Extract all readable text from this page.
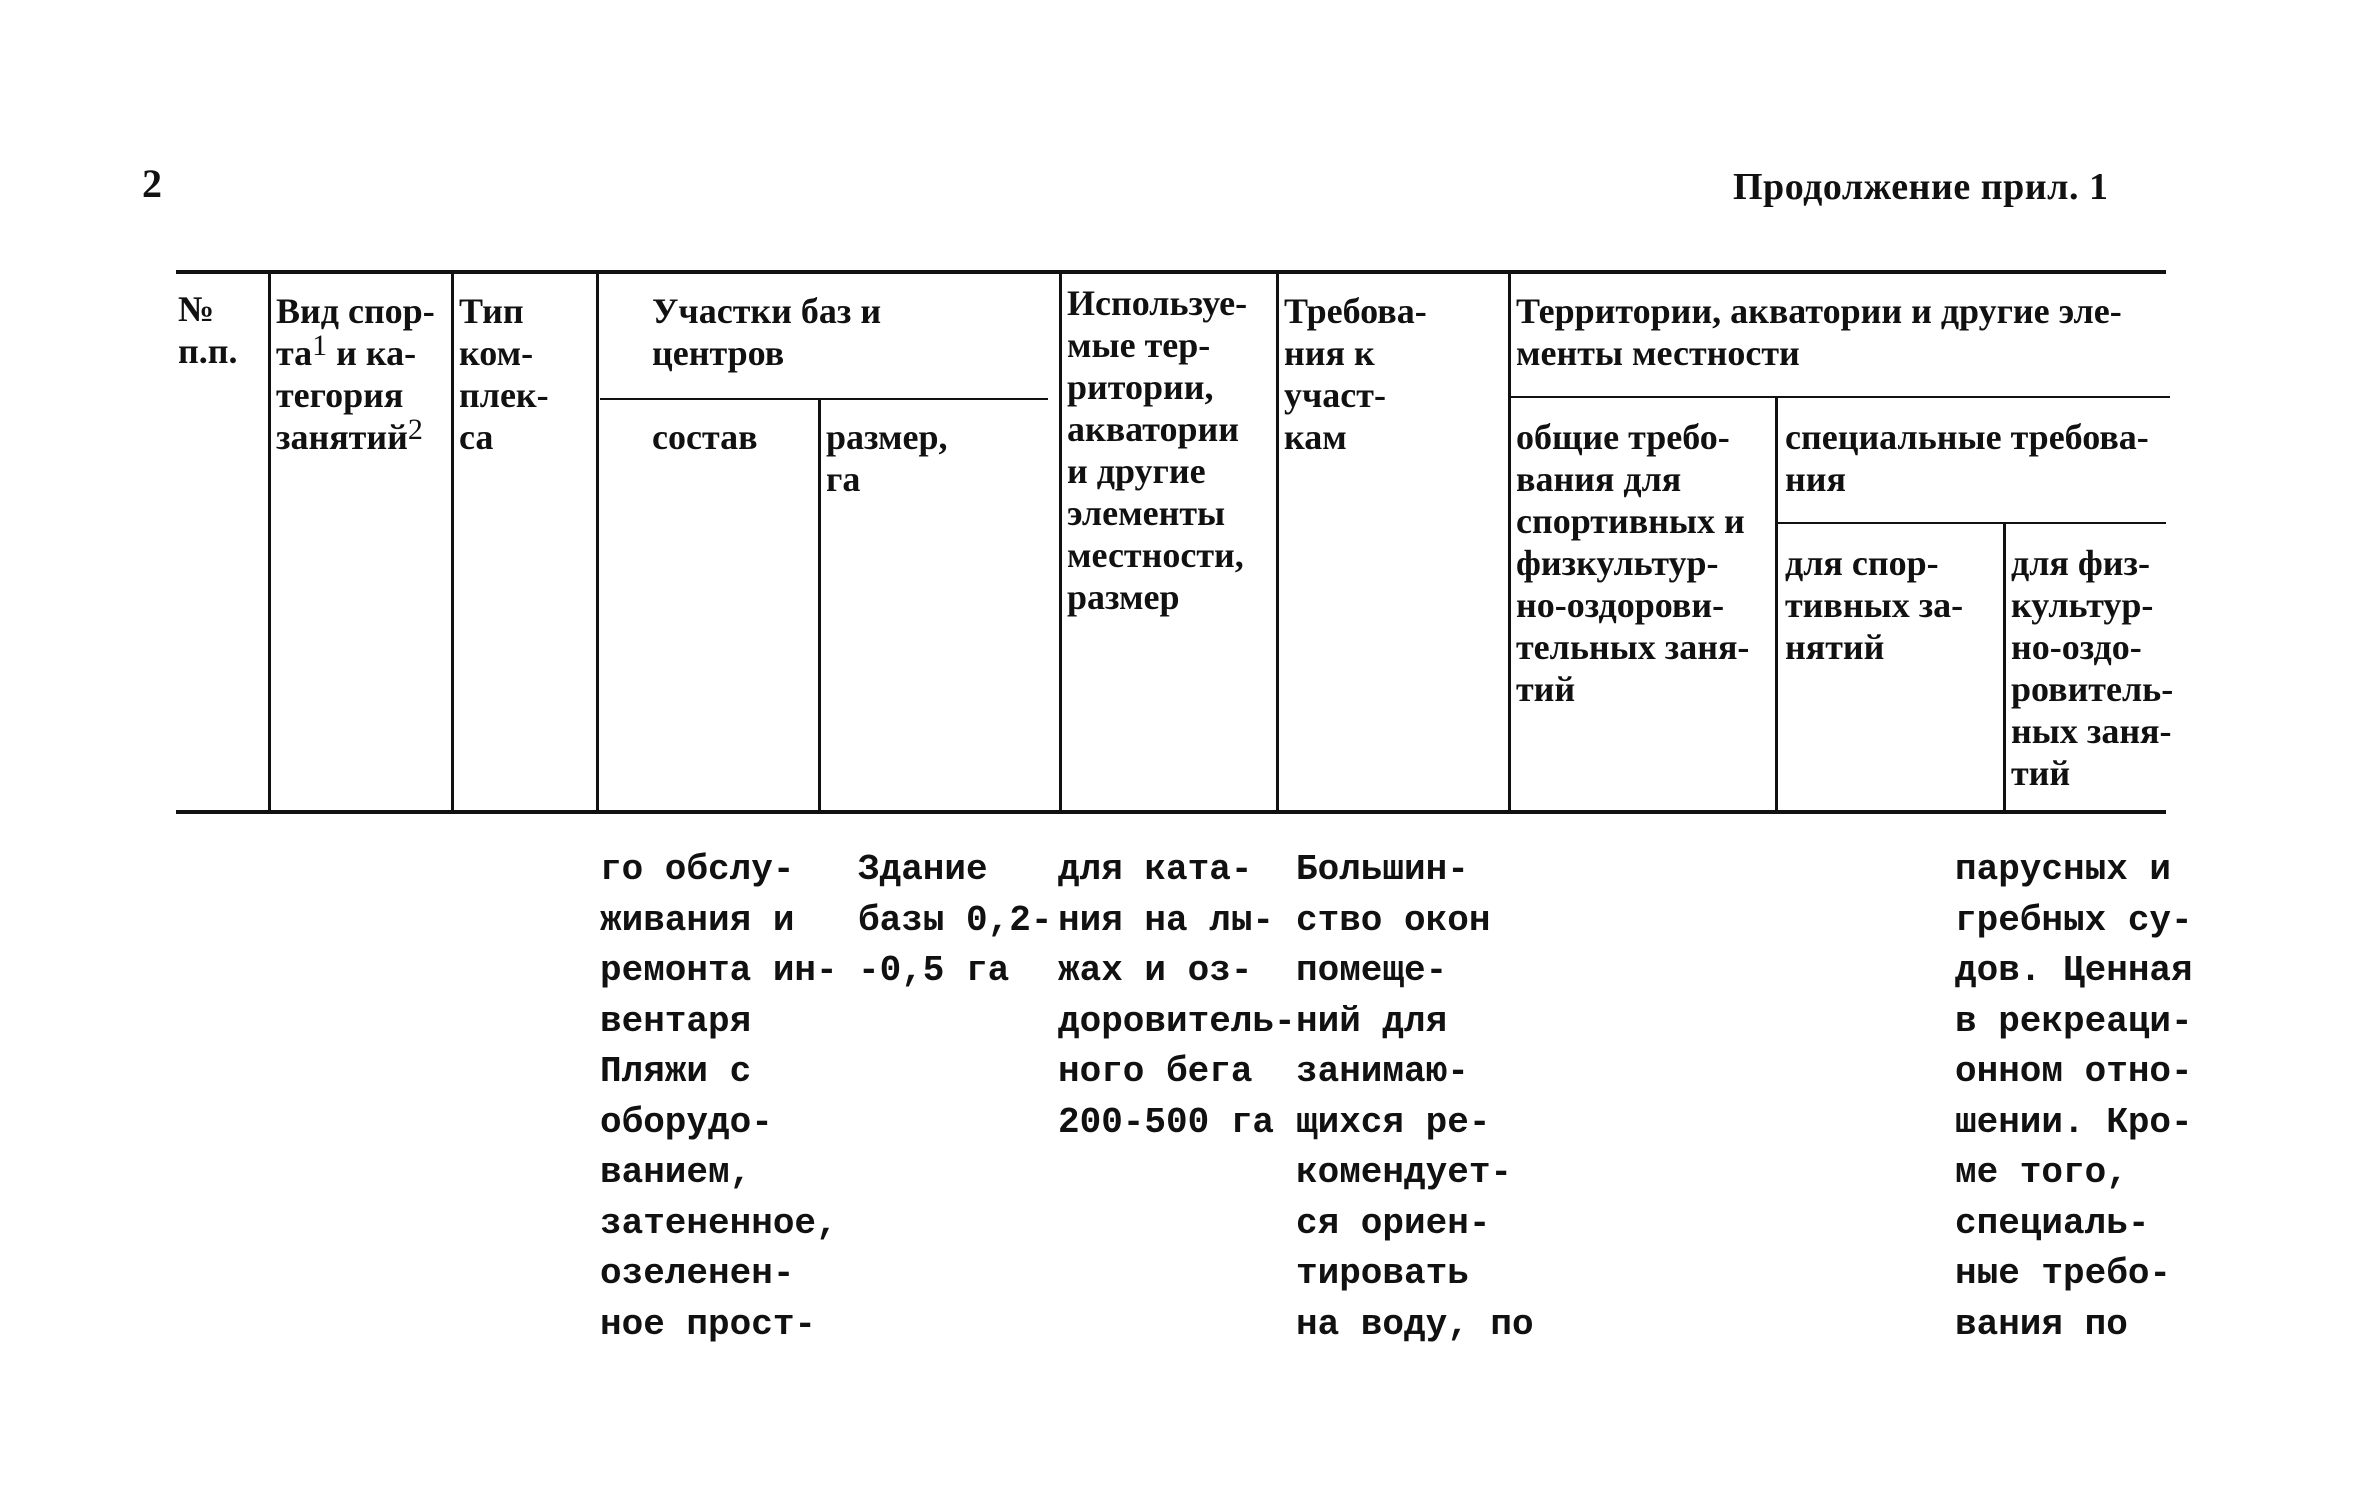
2	Продолжение прил. 1
№
п.п.
Вид спор-
$та^1$ и ка-
тегория
занятий$^2$
Тип
ком-
плек-
са
Участки баз и
центров
состав размер,
га
Используе-
мые тер-
ритории,
акватории
и другие
элементы
местности,
размер
Требова-
ния к
участ-
кам
Территории, акватории и другие эле-
менты местности
общие требо-
вания для
спортивных и
физкультур-
но-оздорови-
тельных заня-
тий
специальные требова-
ния
для спор-
тивных за-
нятий
для физ-
культур-
но-оздо-
ровитель-
ных заня-
тий
го обслу-
живания и
ремонта ин-
вентаря
Пляжи с
оборудо-
ванием,
затененное,
озеленен-
ное прост-
Здание
базы 0,2-
-0,5 га
для ката-
ния на лы-
жах и оз-
доровитель-
ного бега
200-500 га
Большин-
ство окон
помеще-
ний для
занимаю-
щихся ре-
комендует-
ся ориен-
тировать
на воду, по
парусных и
гребных су-
дов. Ценная
в рекреаци-
онном отно-
шении. Кро-
ме того,
специаль-
ные требо-
вания по
